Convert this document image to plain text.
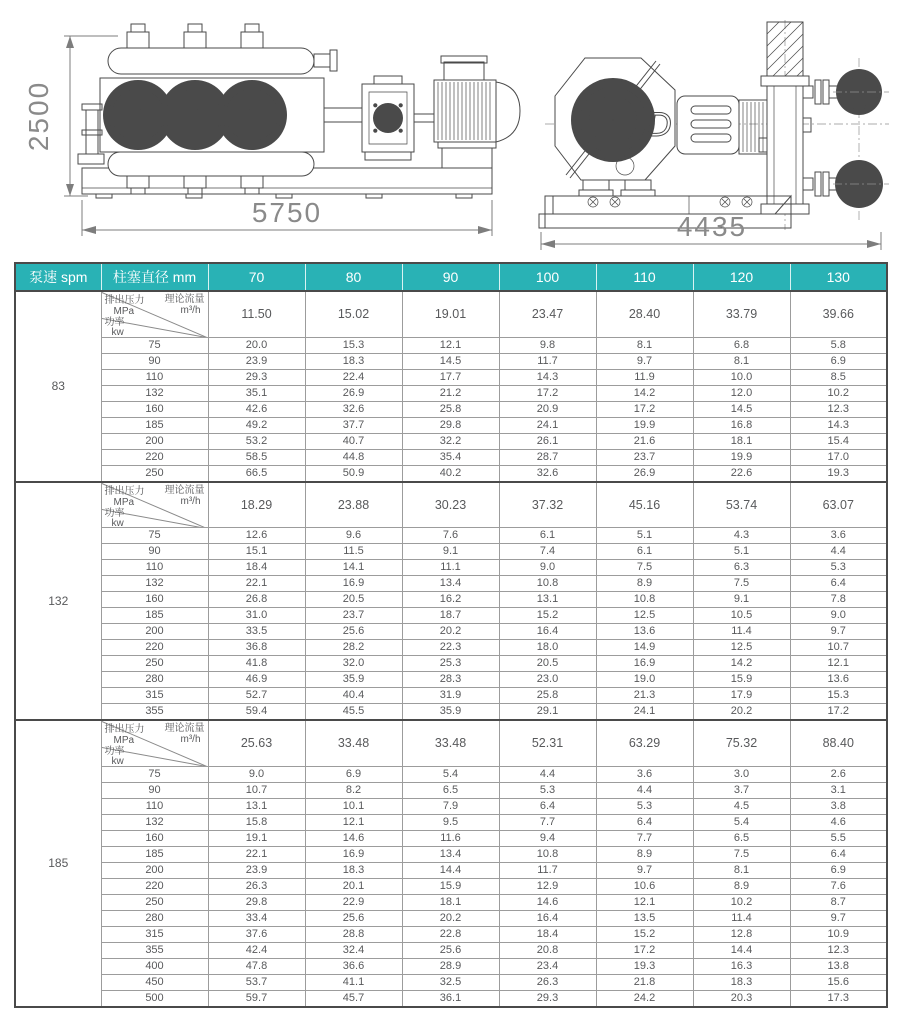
2500
5750
D
4435
泵速 spm	柱塞直径 mm	70	80	90	100	110	120	130
83	
排出压力
MPa
理论流量
m³/h
功率
kw
	11.50	15.02	19.01	23.47	28.40	33.79	39.66
	75	20.0	15.3	12.1	9.8	8.1	6.8	5.8
	90	23.9	18.3	14.5	11.7	9.7	8.1	6.9
	110	29.3	22.4	17.7	14.3	11.9	10.0	8.5
	132	35.1	26.9	21.2	17.2	14.2	12.0	10.2
	160	42.6	32.6	25.8	20.9	17.2	14.5	12.3
	185	49.2	37.7	29.8	24.1	19.9	16.8	14.3
	200	53.2	40.7	32.2	26.1	21.6	18.1	15.4
	220	58.5	44.8	35.4	28.7	23.7	19.9	17.0
	250	66.5	50.9	40.2	32.6	26.9	22.6	19.3
132	
排出压力
MPa
理论流量
m³/h
功率
kw
	18.29	23.88	30.23	37.32	45.16	53.74	63.07
	75	12.6	9.6	7.6	6.1	5.1	4.3	3.6
	90	15.1	11.5	9.1	7.4	6.1	5.1	4.4
	110	18.4	14.1	11.1	9.0	7.5	6.3	5.3
	132	22.1	16.9	13.4	10.8	8.9	7.5	6.4
	160	26.8	20.5	16.2	13.1	10.8	9.1	7.8
	185	31.0	23.7	18.7	15.2	12.5	10.5	9.0
	200	33.5	25.6	20.2	16.4	13.6	11.4	9.7
	220	36.8	28.2	22.3	18.0	14.9	12.5	10.7
	250	41.8	32.0	25.3	20.5	16.9	14.2	12.1
	280	46.9	35.9	28.3	23.0	19.0	15.9	13.6
	315	52.7	40.4	31.9	25.8	21.3	17.9	15.3
	355	59.4	45.5	35.9	29.1	24.1	20.2	17.2
185	
排出压力
MPa
理论流量
m³/h
功率
kw
	25.63	33.48	33.48	52.31	63.29	75.32	88.40
	75	9.0	6.9	5.4	4.4	3.6	3.0	2.6
	90	10.7	8.2	6.5	5.3	4.4	3.7	3.1
	110	13.1	10.1	7.9	6.4	5.3	4.5	3.8
	132	15.8	12.1	9.5	7.7	6.4	5.4	4.6
	160	19.1	14.6	11.6	9.4	7.7	6.5	5.5
	185	22.1	16.9	13.4	10.8	8.9	7.5	6.4
	200	23.9	18.3	14.4	11.7	9.7	8.1	6.9
	220	26.3	20.1	15.9	12.9	10.6	8.9	7.6
	250	29.8	22.9	18.1	14.6	12.1	10.2	8.7
	280	33.4	25.6	20.2	16.4	13.5	11.4	9.7
	315	37.6	28.8	22.8	18.4	15.2	12.8	10.9
	355	42.4	32.4	25.6	20.8	17.2	14.4	12.3
	400	47.8	36.6	28.9	23.4	19.3	16.3	13.8
	450	53.7	41.1	32.5	26.3	21.8	18.3	15.6
	500	59.7	45.7	36.1	29.3	24.2	20.3	17.3
